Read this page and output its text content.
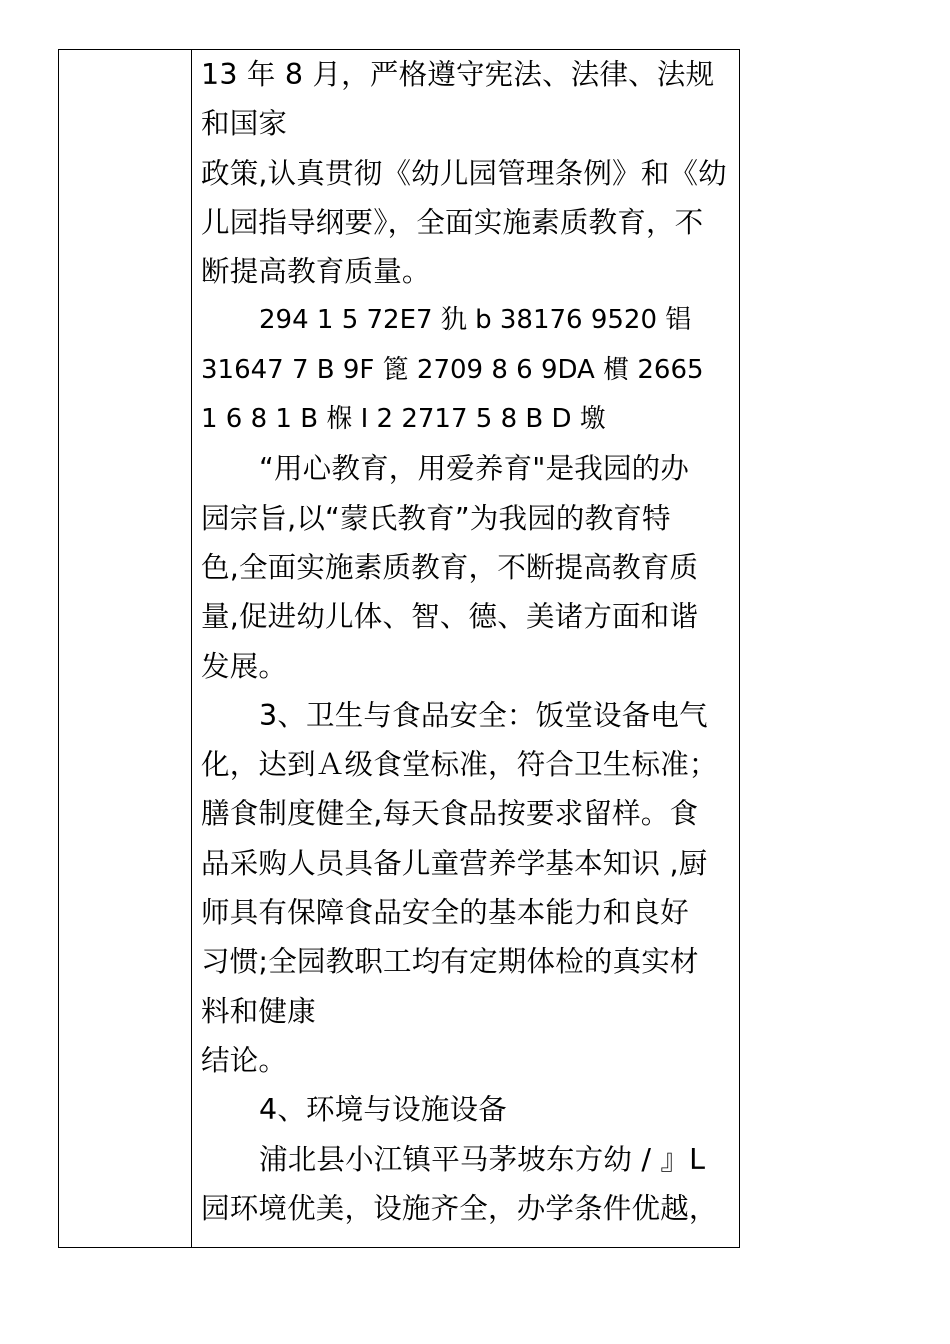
13 年 8 月，严格遵守宪法、法律、法规
和国家
政策,认真贯彻《幼儿园管理条例》和《幼
儿园指导纲要》，全面实施素质教育，不
断提高教育质量。
294 1 5 72E7 犰 b 38176 9520 锠
31647 7 B 9F 篦 2709 8 6 9DA 樌 2665
1 6 8 1 B 椺 I 2 2717 5 8 B D 墽
“用心教育，用爱养育"是我园的办
园宗旨,以“蒙氏教育”为我园的教育特
色,全面实施素质教育，不断提高教育质
量,促进幼儿体、智、德、美诸方面和谐
发展。
3、卫生与食品安全：饭堂设备电气
化，达到Ａ级食堂标准，符合卫生标准；
膳食制度健全,每天食品按要求留样。食
品采购人员具备儿童营养学基本知识 ,厨
师具有保障食品安全的基本能力和良好
习惯;全园教职工均有定期体检的真实材
料和健康
结论。
4、环境与设施设备
浦北县小江镇平马茅坡东方幼 / 』L
园环境优美，设施齐全，办学条件优越，
